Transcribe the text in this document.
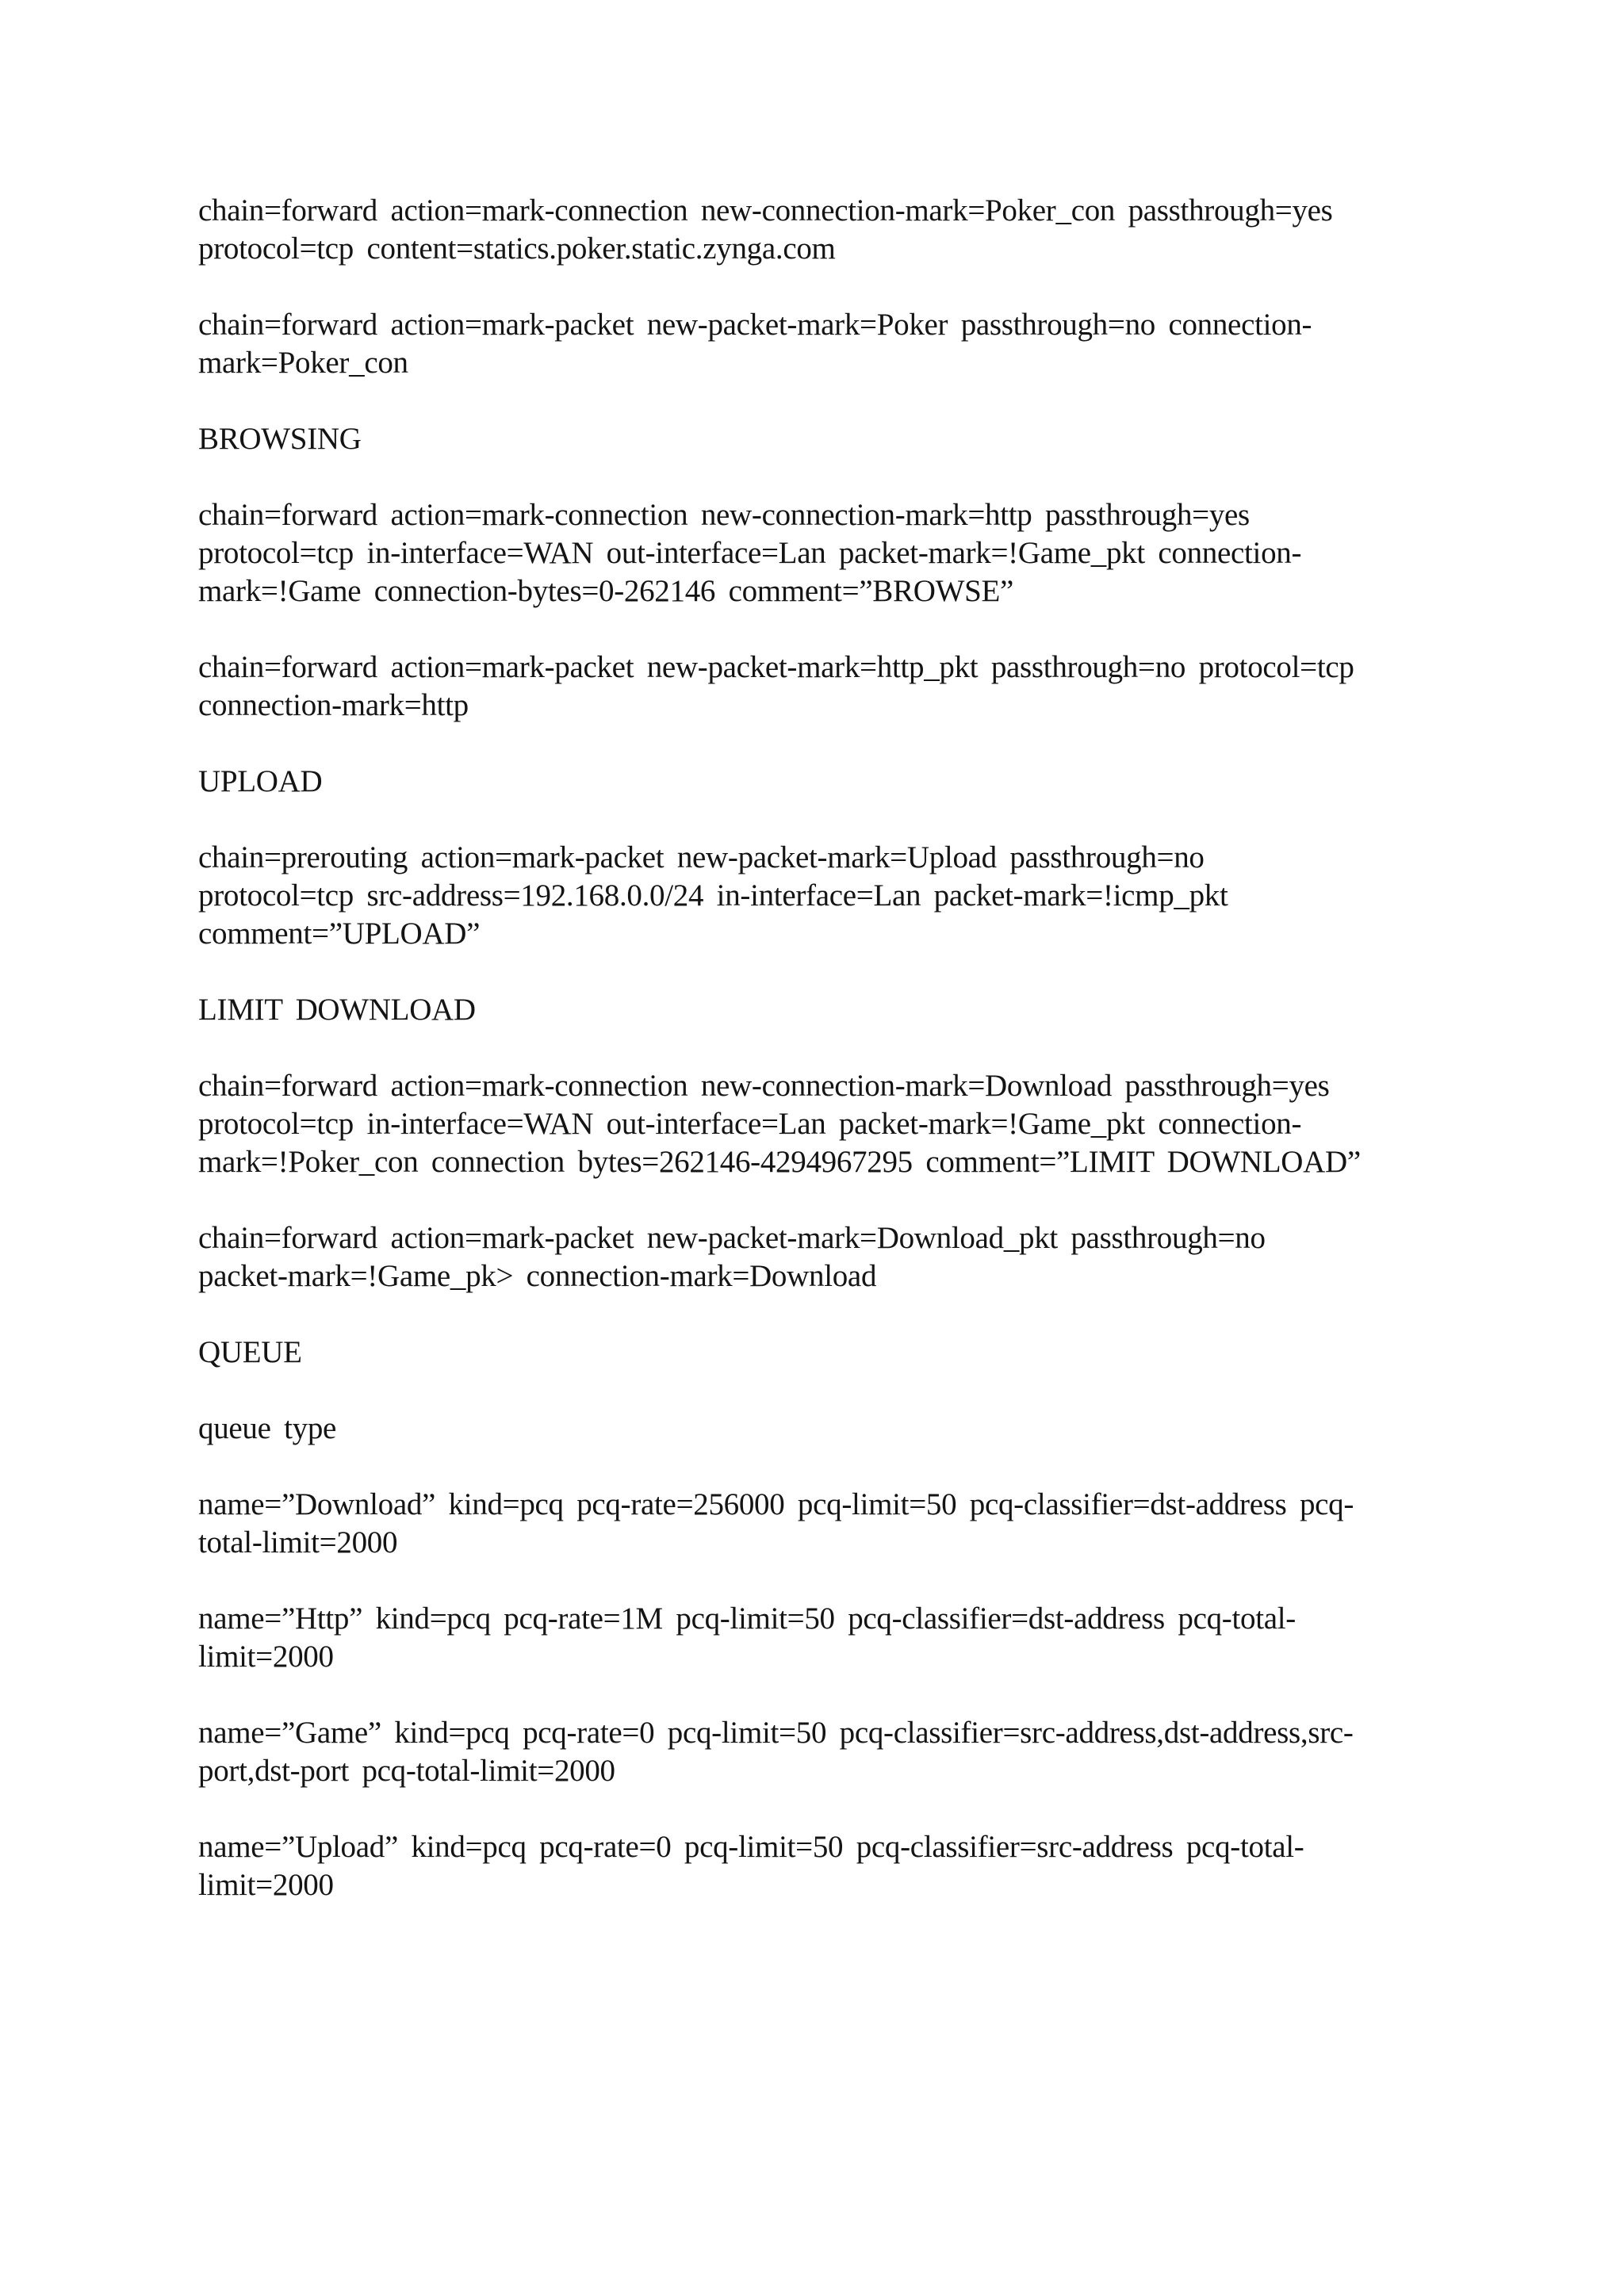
chain=forward action=mark-connection new-connection-mark=Poker_con passthrough=yes
protocol=tcp content=statics.poker.static.zynga.com
chain=forward action=mark-packet new-packet-mark=Poker passthrough=no connection-
mark=Poker_con
BROWSING
chain=forward action=mark-connection new-connection-mark=http passthrough=yes
protocol=tcp in-interface=WAN out-interface=Lan packet-mark=!Game_pkt connection-
mark=!Game connection-bytes=0-262146 comment=”BROWSE”
chain=forward action=mark-packet new-packet-mark=http_pkt passthrough=no protocol=tcp
connection-mark=http
UPLOAD
chain=prerouting action=mark-packet new-packet-mark=Upload passthrough=no
protocol=tcp src-address=192.168.0.0/24 in-interface=Lan packet-mark=!icmp_pkt
comment=”UPLOAD”
LIMIT DOWNLOAD
chain=forward action=mark-connection new-connection-mark=Download passthrough=yes
protocol=tcp in-interface=WAN out-interface=Lan packet-mark=!Game_pkt connection-
mark=!Poker_con connection bytes=262146-4294967295 comment=”LIMIT DOWNLOAD”
chain=forward action=mark-packet new-packet-mark=Download_pkt passthrough=no
packet-mark=!Game_pk> connection-mark=Download
QUEUE
queue type
name=”Download” kind=pcq pcq-rate=256000 pcq-limit=50 pcq-classifier=dst-address pcq-
total-limit=2000
name=”Http” kind=pcq pcq-rate=1M pcq-limit=50 pcq-classifier=dst-address pcq-total-
limit=2000
name=”Game” kind=pcq pcq-rate=0 pcq-limit=50 pcq-classifier=src-address,dst-address,src-
port,dst-port pcq-total-limit=2000
name=”Upload” kind=pcq pcq-rate=0 pcq-limit=50 pcq-classifier=src-address pcq-total-
limit=2000
